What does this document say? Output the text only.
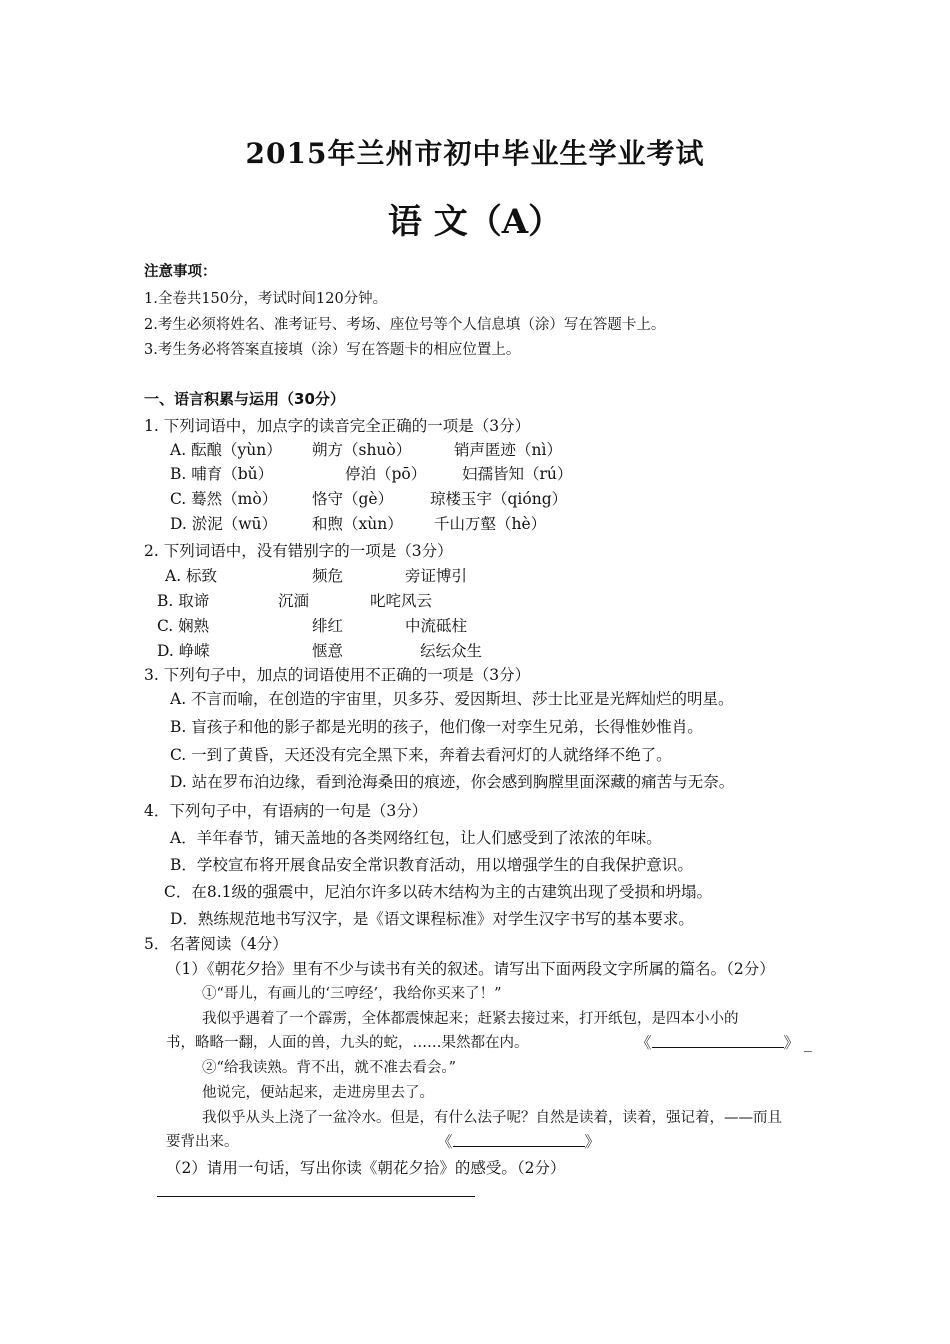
2015年兰州市初中毕业生学业考试
语 文（A）
注意事项：
1.全卷共150分，考试时间120分钟。
2.考生必须将姓名、准考证号、考场、座位号等个人信息填（涂）写在答题卡上。
3.考生务必将答案直接填（涂）写在答题卡的相应位置上。
一、语言积累与运用（30分）
1. 下列词语中，加点字的读音完全正确的一项是（3分）
A. 酝酿（yùn） 朔方（shuò）	销声匿迹（nì）
B. 哺育（bǔ）	停泊（pō） 妇孺皆知（rú）
C. 蓦然（mò） 恪守（gè） 琼楼玉宇（qióng）
D. 淤泥（wū） 和煦（xùn） 千山万壑（hè）
2. 下列词语中，没有错别字的一项是（3分）
A. 标致	频危	旁证博引
B. 取谛	沉湎	叱咤风云
C. 娴熟	绯红	中流砥柱
D. 峥嵘	惬意	纭纭众生
3. 下列句子中，加点的词语使用不正确的一项是（3分）
A. 不言而喻，在创造的宇宙里，贝多芬、爱因斯坦、莎士比亚是光辉灿烂的明星。
B. 盲孩子和他的影子都是光明的孩子，他们像一对孪生兄弟，长得惟妙惟肖。
C. 一到了黄昏，天还没有完全黑下来，奔着去看河灯的人就络绎不绝了。
D. 站在罗布泊边缘，看到沧海桑田的痕迹，你会感到胸膛里面深藏的痛苦与无奈。
4．下列句子中，有语病的一句是（3分）
A．羊年春节，铺天盖地的各类网络红包，让人们感受到了浓浓的年味。
B．学校宣布将开展食品安全常识教育活动，用以增强学生的自我保护意识。
C．在8.1级的强震中，尼泊尔许多以砖木结构为主的古建筑出现了受损和坍塌。
D．熟练规范地书写汉字，是《语文课程标准》对学生汉字书写的基本要求。
5．名著阅读（4分）
（1）《朝花夕拾》里有不少与读书有关的叙述。请写出下面两段文字所属的篇名。（2分）
①“哥儿，有画儿的‘三哼经’，我给你买来了！”
我似乎遇着了一个霹雳，全体都震悚起来；赶紧去接过来，打开纸包，是四本小小的
书，略略一翻，人面的兽，九头的蛇，……果然都在内。	《	》 _
②“给我读熟。背不出，就不准去看会。”
他说完，便站起来，走进房里去了。
我似乎从头上浇了一盆冷水。但是，有什么法子呢？自然是读着，读着，强记着，——而且
要背出来。	《	》
（2）请用一句话，写出你读《朝花夕拾》的感受。（2分）
